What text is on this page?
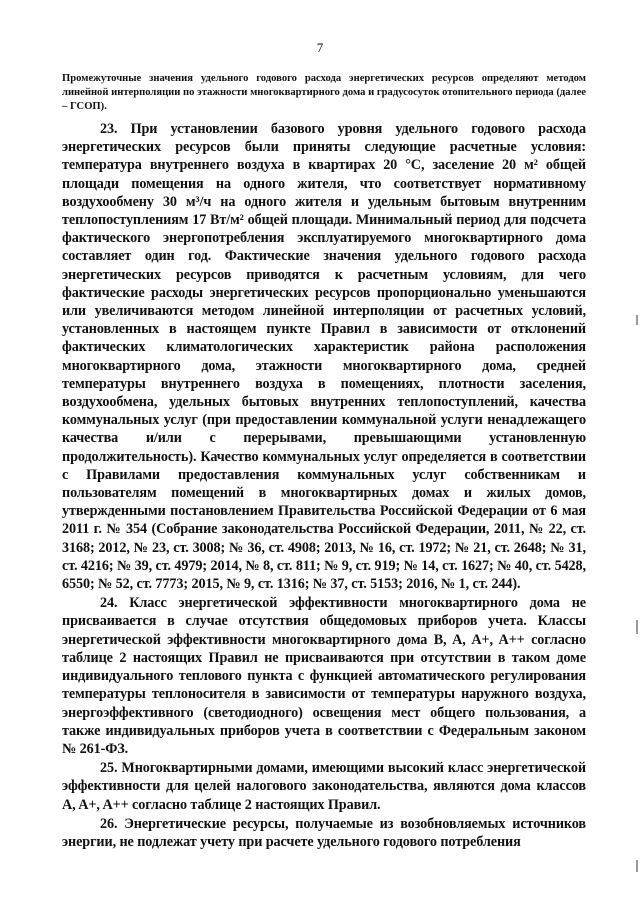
7

Промежуточные значения удельного годового расхода энергетических ресурсов определяют методом линейной интерполяции по этажности многоквартирного дома и градусосуток отопительного периода (далее – ГСОП).

23. При установлении базового уровня удельного годового расхода энергетических ресурсов были приняты следующие расчетные условия: температура внутреннего воздуха в квартирах 20 °С, заселение 20 м² общей площади помещения на одного жителя, что соответствует нормативному воздухообмену 30 м³/ч на одного жителя и удельным бытовым внутренним теплопоступлениям 17 Вт/м² общей площади. Минимальный период для подсчета фактического энергопотребления эксплуатируемого многоквартирного дома составляет один год. Фактические значения удельного годового расхода энергетических ресурсов приводятся к расчетным условиям, для чего фактические расходы энергетических ресурсов пропорционально уменьшаются или увеличиваются методом линейной интерполяции от расчетных условий, установленных в настоящем пункте Правил в зависимости от отклонений фактических климатологических характеристик района расположения многоквартирного дома, этажности многоквартирного дома, средней температуры внутреннего воздуха в помещениях, плотности заселения, воздухообмена, удельных бытовых внутренних теплопоступлений, качества коммунальных услуг (при предоставлении коммунальной услуги ненадлежащего качества и/или с перерывами, превышающими установленную продолжительность). Качество коммунальных услуг определяется в соответствии с Правилами предоставления коммунальных услуг собственникам и пользователям помещений в многоквартирных домах и жилых домов, утвержденными постановлением Правительства Российской Федерации от 6 мая 2011 г. № 354 (Собрание законодательства Российской Федерации, 2011, № 22, ст. 3168; 2012, № 23, ст. 3008; № 36, ст. 4908; 2013, № 16, ст. 1972; № 21, ст. 2648; № 31, ст. 4216; № 39, ст. 4979; 2014, № 8, ст. 811; № 9, ст. 919; № 14, ст. 1627; № 40, ст. 5428, 6550; № 52, ст. 7773; 2015, № 9, ст. 1316; № 37, ст. 5153; 2016, № 1, ст. 244).

24. Класс энергетической эффективности многоквартирного дома не присваивается в случае отсутствия общедомовых приборов учета. Классы энергетической эффективности многоквартирного дома B, A, A+, A++ согласно таблице 2 настоящих Правил не присваиваются при отсутствии в таком доме индивидуального теплового пункта с функцией автоматического регулирования температуры теплоносителя в зависимости от температуры наружного воздуха, энергоэффективного (светодиодного) освещения мест общего пользования, а также индивидуальных приборов учета в соответствии с Федеральным законом № 261-ФЗ.

25. Многоквартирными домами, имеющими высокий класс энергетической эффективности для целей налогового законодательства, являются дома классов A, A+, A++ согласно таблице 2 настоящих Правил.

26. Энергетические ресурсы, получаемые из возобновляемых источников энергии, не подлежат учету при расчете удельного годового потребления
